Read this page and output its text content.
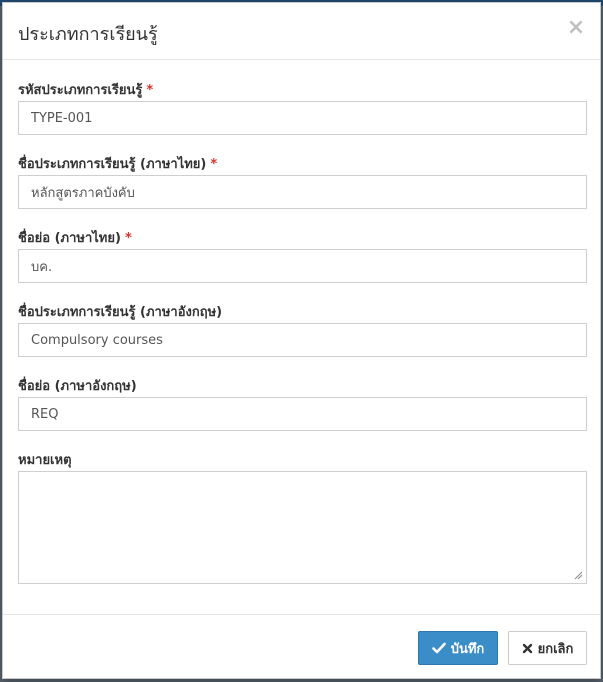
ประเภทการเรียนรู้	×
รหัสประเภทการเรียนรู้ *
TYPE-001
ชื่อประเภทการเรียนรู้ (ภาษาไทย) *
หลักสูตรภาคบังคับ
ชื่อย่อ (ภาษาไทย) *
บค.
ชื่อประเภทการเรียนรู้ (ภาษาอังกฤษ)
Compulsory courses
ชื่อย่อ (ภาษาอังกฤษ)
REQ
หมายเหตุ
บันทึก	ยกเลิก
